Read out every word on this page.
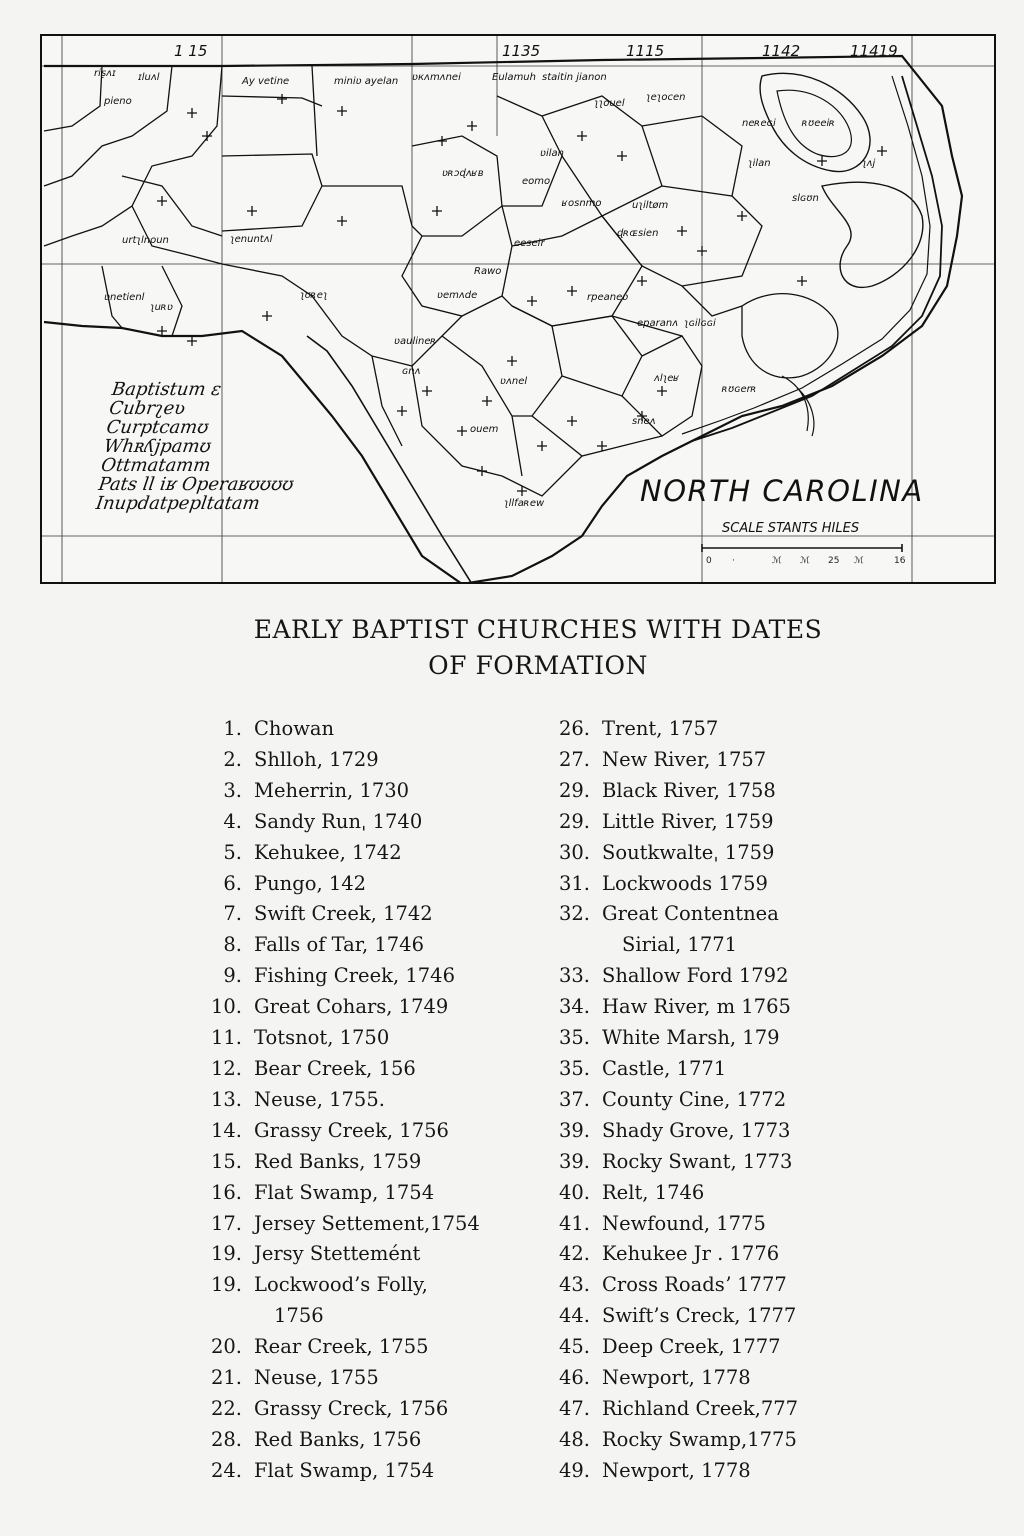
riʂʌɪ ɪluʌl
pieno
Ay vetine	miniʋ ayelan ʋкʌmʌnei	Eulamuh staitin jianon
ʅʅouel
ʅeʅocen
ʋilan
eomo
ʁosnmo	uʅiltøm
eeseir
ɖʀɶsien
ʋʀɔɖʌʁʙ
urtʅlnoun	ʅenuntʌl
Rawo
ʋemʌde	rpeaneʋ
eparanʌ ʅɢilɢɢi
ʋaulineʀ
ɢnʌ
ouem
ʋʌnel
sneʌ
ʌlʅeʁ
ʅllfaʀew
ʋnetienl
ʅuʀʋ
ʅʊʀeʅ
neʀeɢi	ʀʊeeiʀ
ʅilan
slɢʊn
ʀʊɢerʀ
ʅʌj
1 15	1135	1115	1142	11419
Baptistum ɛ
Cubrʅeʋ
Curptcamʊ
Whʀʎjpamʊ
Ottmatamm
Pats ll iʁ Operaʁʊʊʊʊ
Inupdatpepltatam	NORTH CAROLINA
SCALE STANTS HILES
0 ·	ℳ ℳ 25 ℳ	16
EARLY BAPTIST CHURCHES WITH DATES
OF FORMATION
1. Chowan
2. Shlloh, 1729
3. Meherrin, 1730
4. Sandy Runˌ 1740
5. Kehukee, 1742
6. Pungo, 142
7. Swift Creek, 1742
8. Falls of Tar, 1746
9. Fishing Creek, 1746
10. Great Cohars, 1749
11. Totsnot, 1750
12. Bear Creek, 156
13. Neuse, 1755.
14. Grassy Creek, 1756
15. Red Banks, 1759
16. Flat Swamp, 1754
17. Jersey Settement,1754
19. Jersy Stettemént
19. Lockwood’s Folly,
1756
20. Rear Creek, 1755
21. Neuse, 1755
22. Grassy Creck, 1756
28. Red Banks, 1756
24. Flat Swamp, 1754
26. Trent, 1757
27. New River, 1757
29. Black River, 1758
29. Little River, 1759
30. Soutkwalteˌ 1759
31. Lockwoods 1759
32. Great Contentnea
Sirial, 1771
33. Shallow Ford 1792
34. Haw River, m 1765
35. White Marsh, 179
35. Castle, 1771
37. County Cine, 1772
39. Shady Grove, 1773
39. Rocky Swant, 1773
40. Relt, 1746
41. Newfound, 1775
42. Kehukee Jr . 1776
43. Cross Roadsʼ 1777
44. Swift’s Creck, 1777
45. Deep Creek, 1777
46. Newport, 1778
47. Richland Creek,777
48. Rocky Swamp,1775
49. Newport, 1778
